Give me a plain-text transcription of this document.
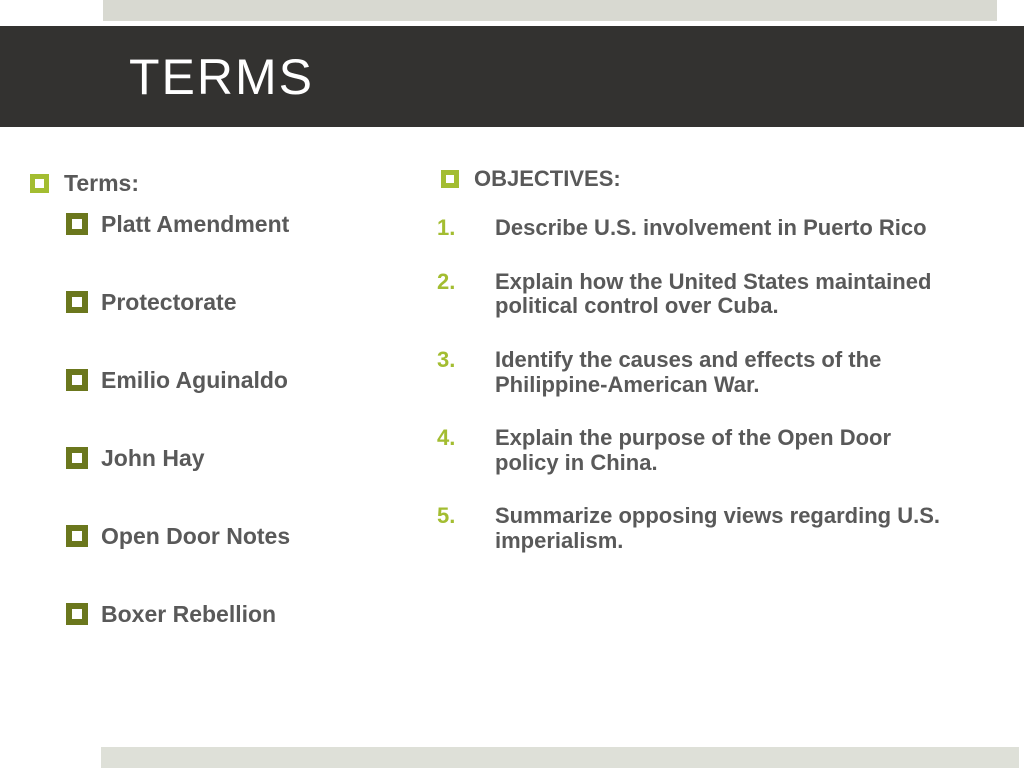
TERMS
Terms:
Platt Amendment
Protectorate
Emilio Aguinaldo
John Hay
Open Door Notes
Boxer Rebellion
OBJECTIVES:
1.	Describe U.S. involvement in Puerto Rico
2.	Explain how the United States maintained political control over Cuba.
3.	Identify the causes and effects of the Philippine-American War.
4.	Explain the purpose of the Open Door policy in China.
5.	Summarize opposing views regarding U.S. imperialism.
